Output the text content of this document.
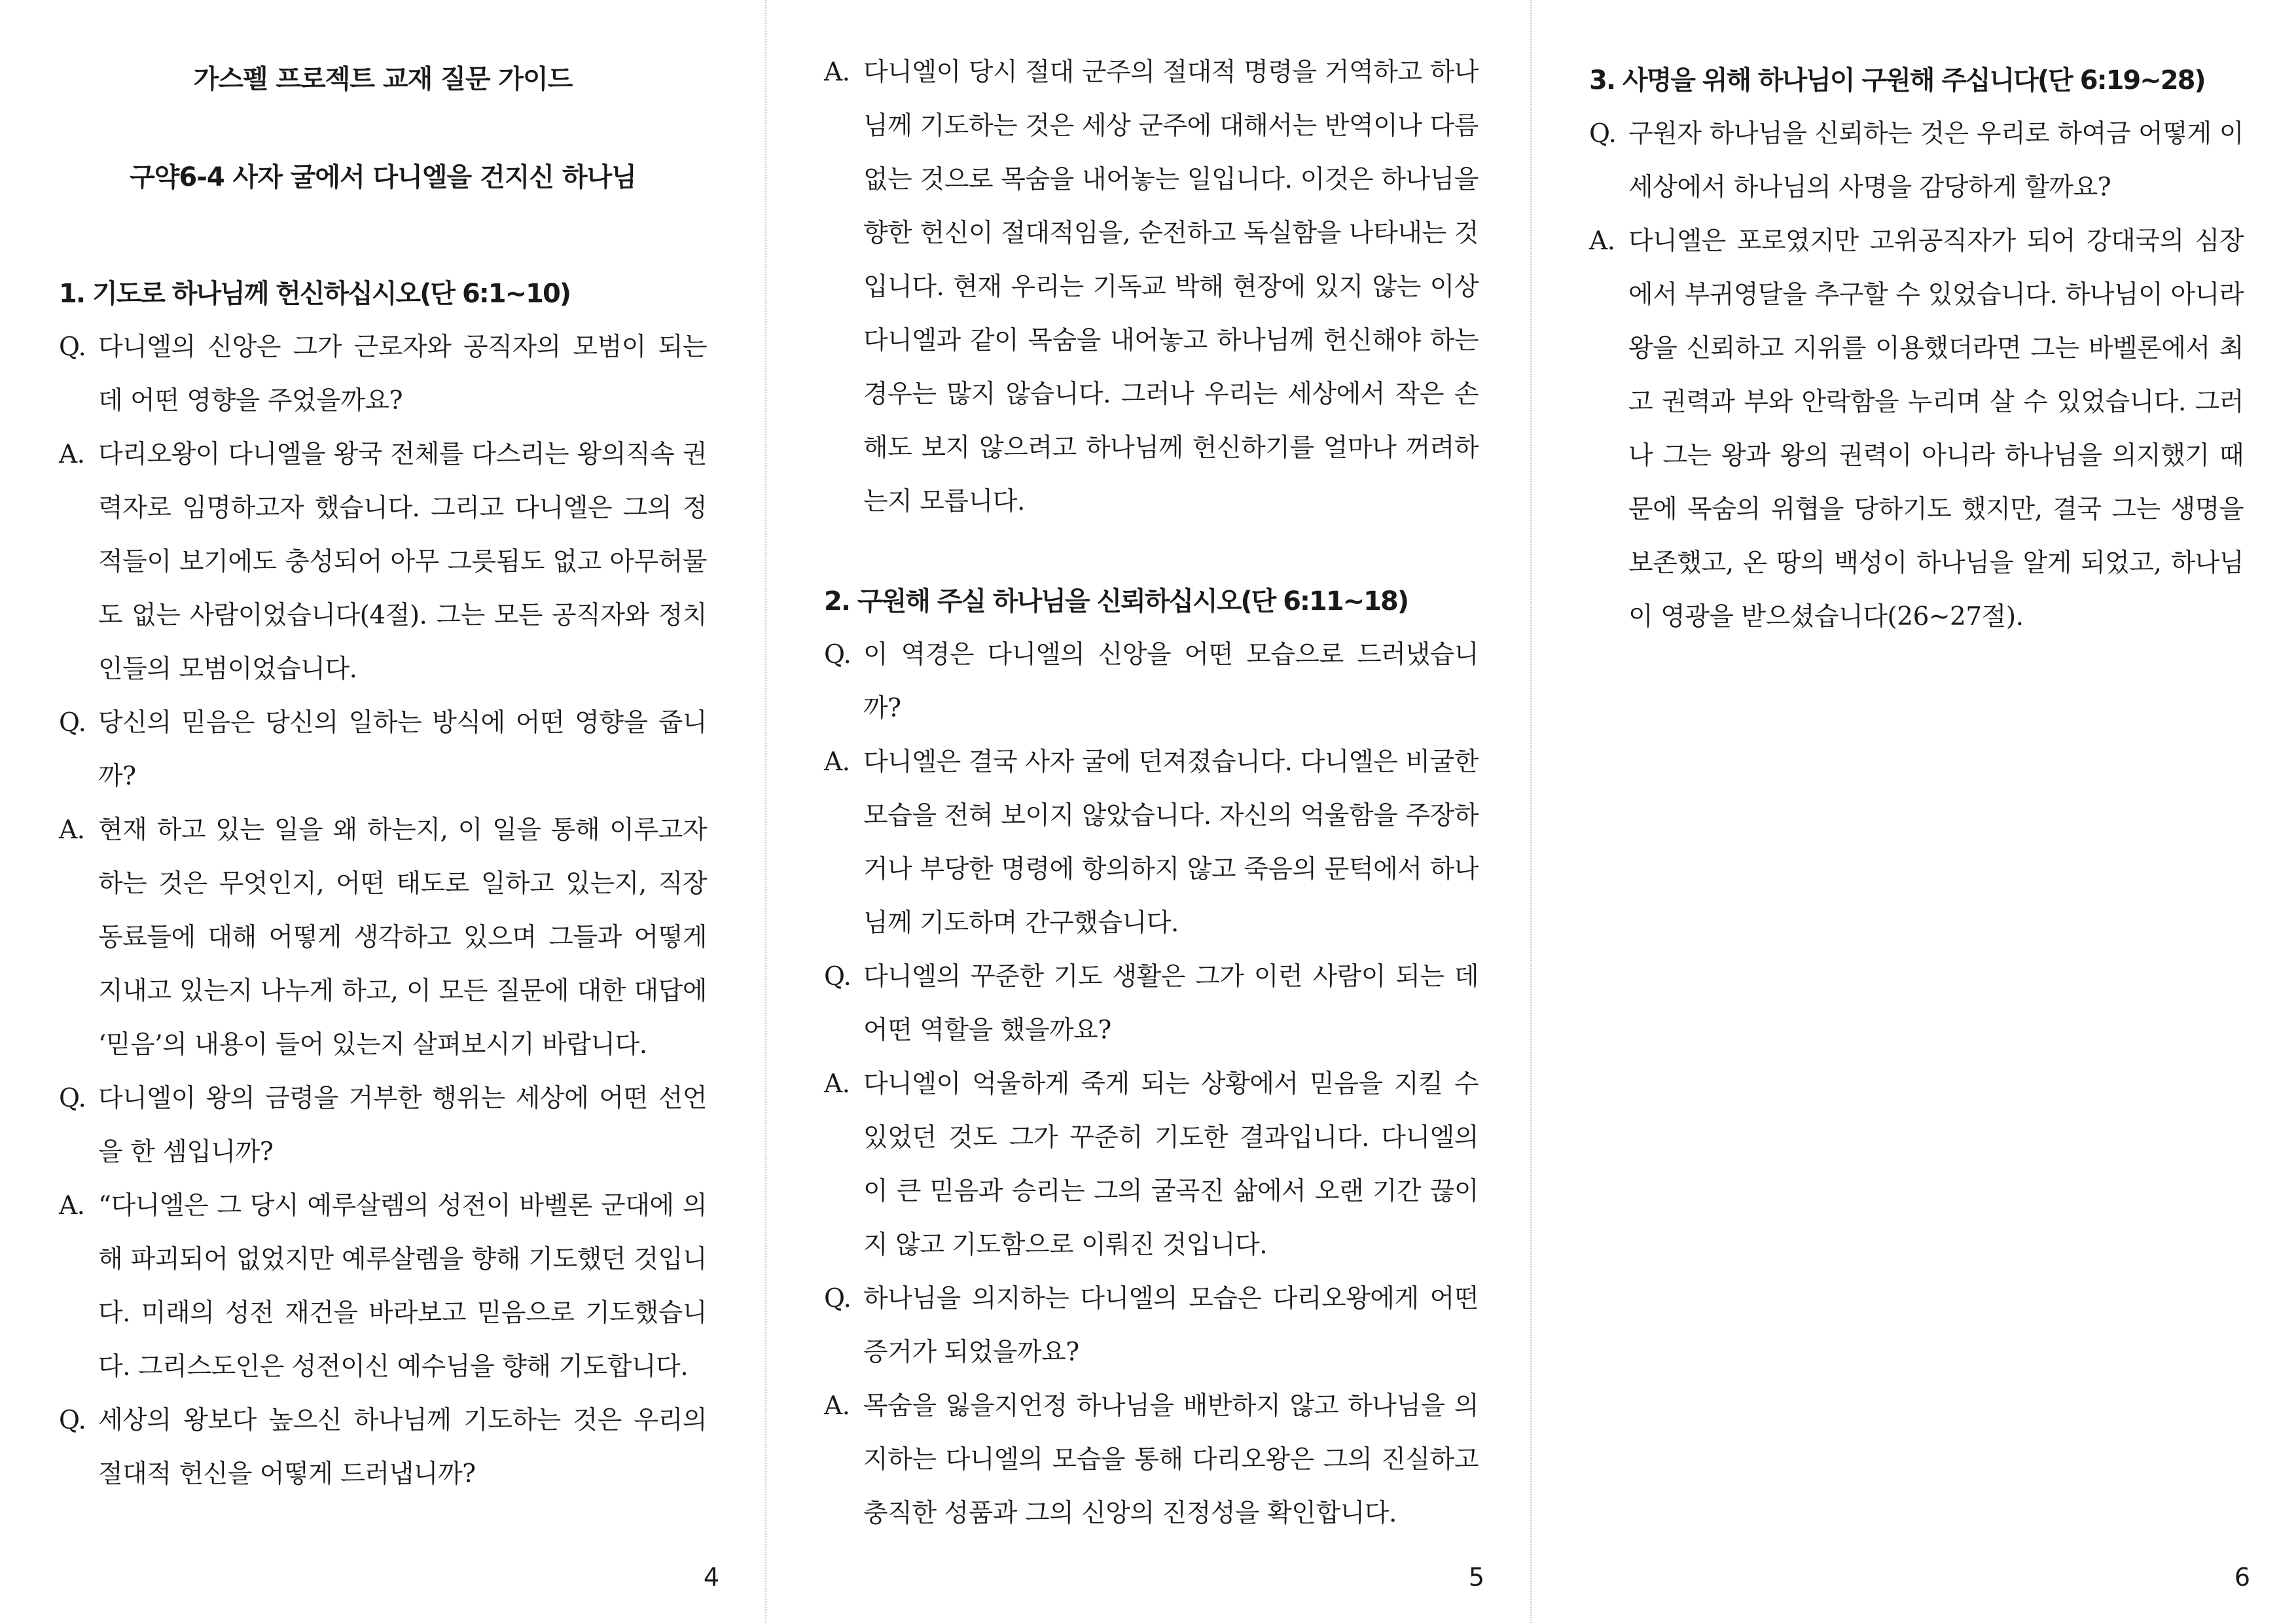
가스펠 프로젝트 교재 질문 가이드
구약6-4 사자 굴에서 다니엘을 건지신 하나님
1. 기도로 하나님께 헌신하십시오(단 6:1~10)

Q. 다니엘의 신앙은 그가 근로자와 공직자의 모범이 되는 데 어떤 영향을 주었을까요?

A. 다리오왕이 다니엘을 왕국 전체를 다스리는 왕의직속 권력자로 임명하고자 했습니다. 그리고 다니엘은 그의 정적들이 보기에도 충성되어 아무 그릇됨도 없고 아무허물도 없는 사람이었습니다(4절). 그는 모든 공직자와 정치인들의 모범이었습니다.

Q. 당신의 믿음은 당신의 일하는 방식에 어떤 영향을 줍니까?

A. 현재 하고 있는 일을 왜 하는지, 이 일을 통해 이루고자 하는 것은 무엇인지, 어떤 태도로 일하고 있는지, 직장 동료들에 대해 어떻게 생각하고 있으며 그들과 어떻게 지내고 있는지 나누게 하고, 이 모든 질문에 대한 대답에 ‘믿음’의 내용이 들어 있는지 살펴보시기 바랍니다.

Q. 다니엘이 왕의 금령을 거부한 행위는 세상에 어떤 선언을 한 셈입니까?

A. “다니엘은 그 당시 예루살렘의 성전이 바벨론 군대에 의해 파괴되어 없었지만 예루살렘을 향해 기도했던 것입니다. 미래의 성전 재건을 바라보고 믿음으로 기도했습니다. 그리스도인은 성전이신 예수님을 향해 기도합니다.

Q. 세상의 왕보다 높으신 하나님께 기도하는 것은 우리의 절대적 헌신을 어떻게 드러냅니까?

4

A. 다니엘이 당시 절대 군주의 절대적 명령을 거역하고 하나님께 기도하는 것은 세상 군주에 대해서는 반역이나 다름없는 것으로 목숨을 내어놓는 일입니다. 이것은 하나님을 향한 헌신이 절대적임을, 순전하고 독실함을 나타내는 것입니다. 현재 우리는 기독교 박해 현장에 있지 않는 이상 다니엘과 같이 목숨을 내어놓고 하나님께 헌신해야 하는 경우는 많지 않습니다. 그러나 우리는 세상에서 작은 손해도 보지 않으려고 하나님께 헌신하기를 얼마나 꺼려하는지 모릅니다.

2. 구원해 주실 하나님을 신뢰하십시오(단 6:11~18)

Q. 이 역경은 다니엘의 신앙을 어떤 모습으로 드러냈습니까?

A. 다니엘은 결국 사자 굴에 던져졌습니다. 다니엘은 비굴한 모습을 전혀 보이지 않았습니다. 자신의 억울함을 주장하거나 부당한 명령에 항의하지 않고 죽음의 문턱에서 하나님께 기도하며 간구했습니다.

Q. 다니엘의 꾸준한 기도 생활은 그가 이런 사람이 되는 데 어떤 역할을 했을까요?

A. 다니엘이 억울하게 죽게 되는 상황에서 믿음을 지킬 수 있었던 것도 그가 꾸준히 기도한 결과입니다. 다니엘의 이 큰 믿음과 승리는 그의 굴곡진 삶에서 오랜 기간 끊이지 않고 기도함으로 이뤄진 것입니다.

Q. 하나님을 의지하는 다니엘의 모습은 다리오왕에게 어떤 증거가 되었을까요?

A. 목숨을 잃을지언정 하나님을 배반하지 않고 하나님을 의지하는 다니엘의 모습을 통해 다리오왕은 그의 진실하고 충직한 성품과 그의 신앙의 진정성을 확인합니다.

5
3. 사명을 위해 하나님이 구원해 주십니다(단 6:19~28)

Q. 구원자 하나님을 신뢰하는 것은 우리로 하여금 어떻게 이 세상에서 하나님의 사명을 감당하게 할까요?

A. 다니엘은 포로였지만 고위공직자가 되어 강대국의 심장에서 부귀영달을 추구할 수 있었습니다. 하나님이 아니라 왕을 신뢰하고 지위를 이용했더라면 그는 바벨론에서 최고 권력과 부와 안락함을 누리며 살 수 있었습니다. 그러나 그는 왕과 왕의 권력이 아니라 하나님을 의지했기 때문에 목숨의 위협을 당하기도 했지만, 결국 그는 생명을 보존했고, 온 땅의 백성이 하나님을 알게 되었고, 하나님이 영광을 받으셨습니다(26~27절).

6
